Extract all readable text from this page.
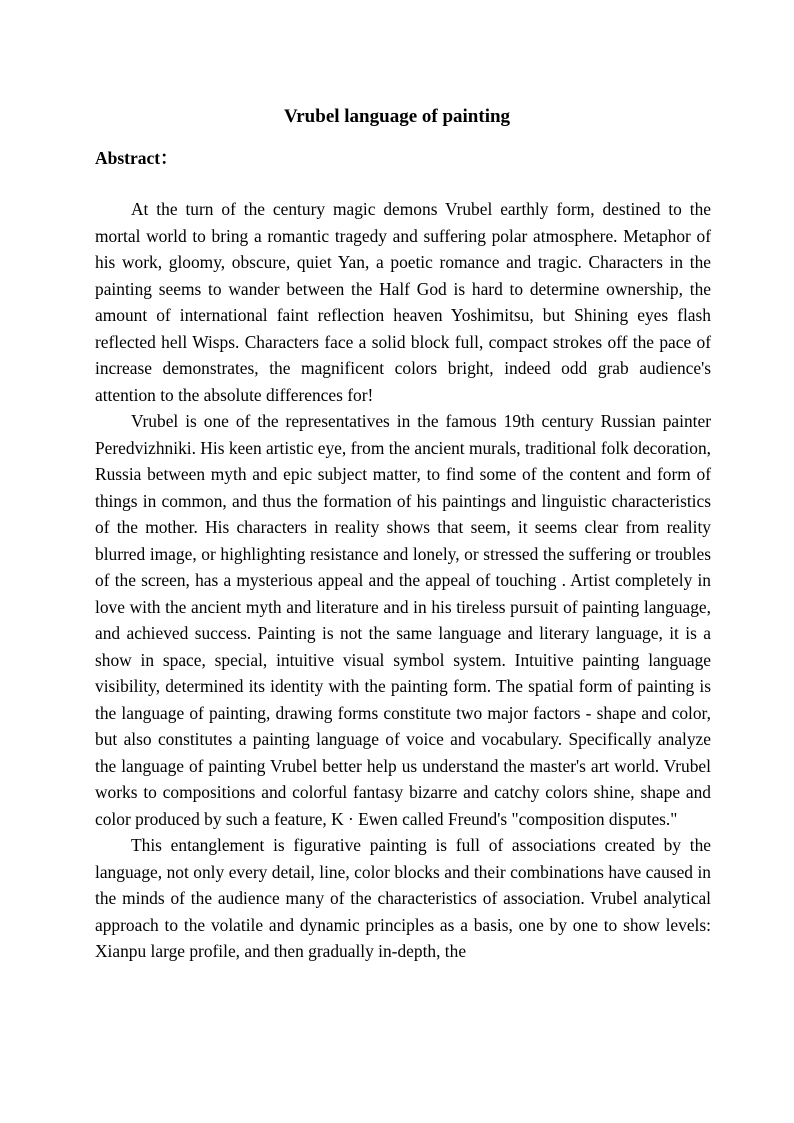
Vrubel language of painting
Abstract：

At the turn of the century magic demons Vrubel earthly form, destined to the mortal world to bring a romantic tragedy and suffering polar atmosphere. Metaphor of his work, gloomy, obscure, quiet Yan, a poetic romance and tragic. Characters in the painting seems to wander between the Half God is hard to determine ownership, the amount of international faint reflection heaven Yoshimitsu, but Shining eyes flash reflected hell Wisps. Characters face a solid block full, compact strokes off the pace of increase demonstrates, the magnificent colors bright, indeed odd grab audience's attention to the absolute differences for!

Vrubel is one of the representatives in the famous 19th century Russian painter Peredvizhniki. His keen artistic eye, from the ancient murals, traditional folk decoration, Russia between myth and epic subject matter, to find some of the content and form of things in common, and thus the formation of his paintings and linguistic characteristics of the mother. His characters in reality shows that seem, it seems clear from reality blurred image, or highlighting resistance and lonely, or stressed the suffering or troubles of the screen, has a mysterious appeal and the appeal of touching . Artist completely in love with the ancient myth and literature and in his tireless pursuit of painting language, and achieved success. Painting is not the same language and literary language, it is a show in space, special, intuitive visual symbol system. Intuitive painting language visibility, determined its identity with the painting form. The spatial form of painting is the language of painting, drawing forms constitute two major factors - shape and color, but also constitutes a painting language of voice and vocabulary. Specifically analyze the language of painting Vrubel better help us understand the master's art world. Vrubel works to compositions and colorful fantasy bizarre and catchy colors shine, shape and color produced by such a feature, K · Ewen called Freund's "composition disputes."

This entanglement is figurative painting is full of associations created by the language, not only every detail, line, color blocks and their combinations have caused in the minds of the audience many of the characteristics of association. Vrubel analytical approach to the volatile and dynamic principles as a basis, one by one to show levels: Xianpu large profile, and then gradually in-depth, the
